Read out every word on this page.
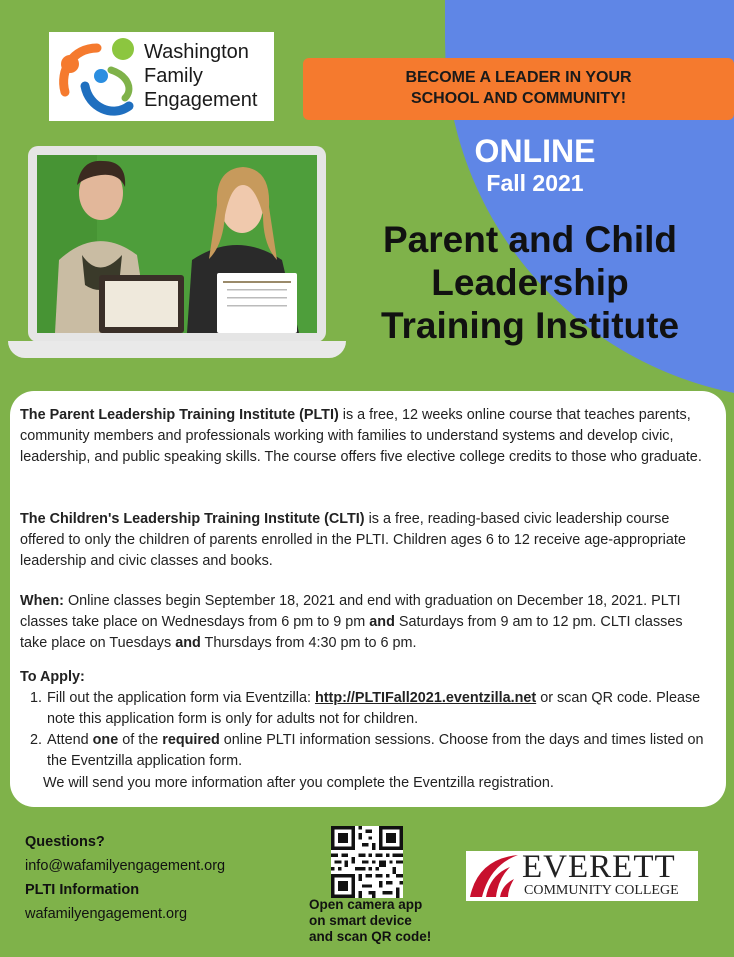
Washington
Family
Engagement
BECOME A LEADER IN YOUR
SCHOOL AND COMMUNITY!
ONLINE
Fall 2021
Parent and Child
Leadership
Training Institute

The Parent Leadership Training Institute (PLTI) is a free, 12 weeks online course that teaches parents, community members and professionals working with families to understand systems and develop civic, leadership, and public speaking skills. The course offers five elective college credits to those who graduate.

The Children's Leadership Training Institute (CLTI) is a free, reading-based civic leadership course offered to only the children of parents enrolled in the PLTI. Children ages 6 to 12 receive age-appropriate leadership and civic classes and books.

When: Online classes begin September 18, 2021 and end with graduation on December 18, 2021. PLTI classes take place on Wednesdays from 6 pm to 9 pm and Saturdays from 9 am to 12 pm. CLTI classes take place on Tuesdays and Thursdays from 4:30 pm to 6 pm.

To Apply:

1. Fill out the application form via Eventzilla: http://PLTIFall2021.eventzilla.net or scan QR code. Please note this application form is only for adults not for children.
2. Attend one of the required online PLTI information sessions. Choose from the days and times listed on the Eventzilla application form.
We will send you more information after you complete the Eventzilla registration.
Questions?
info@wafamilyengagement.org
PLTI Information
wafamilyengagement.org
Open camera app
on smart device
and scan QR code!
EVERETT
COMMUNITY COLLEGE
